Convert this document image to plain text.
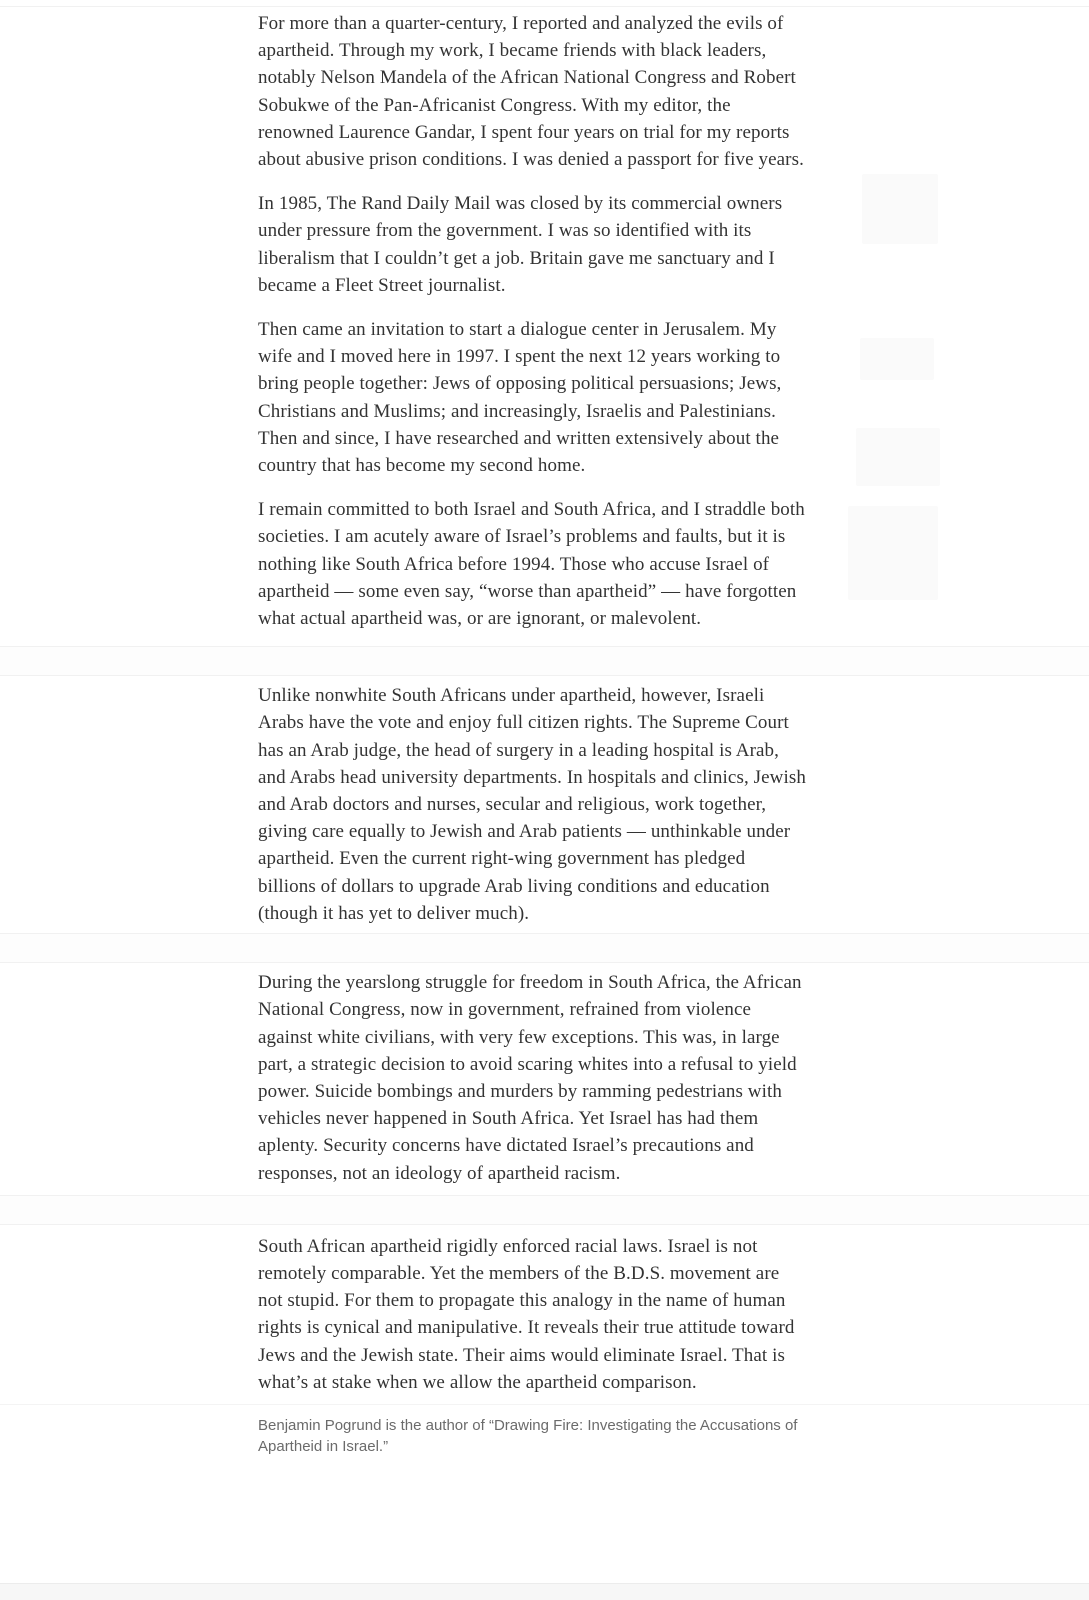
For more than a quarter-century, I reported and analyzed the evils of apartheid. Through my work, I became friends with black leaders, notably Nelson Mandela of the African National Congress and Robert Sobukwe of the Pan-Africanist Congress. With my editor, the renowned Laurence Gandar, I spent four years on trial for my reports about abusive prison conditions. I was denied a passport for five years.

In 1985, The Rand Daily Mail was closed by its commercial owners under pressure from the government. I was so identified with its liberalism that I couldn’t get a job. Britain gave me sanctuary and I became a Fleet Street journalist.

Then came an invitation to start a dialogue center in Jerusalem. My wife and I moved here in 1997. I spent the next 12 years working to bring people together: Jews of opposing political persuasions; Jews, Christians and Muslims; and increasingly, Israelis and Palestinians. Then and since, I have researched and written extensively about the country that has become my second home.

I remain committed to both Israel and South Africa, and I straddle both societies. I am acutely aware of Israel’s problems and faults, but it is nothing like South Africa before 1994. Those who accuse Israel of apartheid — some even say, “worse than apartheid” — have forgotten what actual apartheid was, or are ignorant, or malevolent.

Unlike nonwhite South Africans under apartheid, however, Israeli Arabs have the vote and enjoy full citizen rights. The Supreme Court has an Arab judge, the head of surgery in a leading hospital is Arab, and Arabs head university departments. In hospitals and clinics, Jewish and Arab doctors and nurses, secular and religious, work together, giving care equally to Jewish and Arab patients — unthinkable under apartheid. Even the current right-wing government has pledged billions of dollars to upgrade Arab living conditions and education (though it has yet to deliver much).

During the yearslong struggle for freedom in South Africa, the African National Congress, now in government, refrained from violence against white civilians, with very few exceptions. This was, in large part, a strategic decision to avoid scaring whites into a refusal to yield power. Suicide bombings and murders by ramming pedestrians with vehicles never happened in South Africa. Yet Israel has had them aplenty. Security concerns have dictated Israel’s precautions and responses, not an ideology of apartheid racism.

South African apartheid rigidly enforced racial laws. Israel is not remotely comparable. Yet the members of the B.D.S. movement are not stupid. For them to propagate this analogy in the name of human rights is cynical and manipulative. It reveals their true attitude toward Jews and the Jewish state. Their aims would eliminate Israel. That is what’s at stake when we allow the apartheid comparison.

Benjamin Pogrund is the author of “Drawing Fire: Investigating the Accusations of Apartheid in Israel.”
